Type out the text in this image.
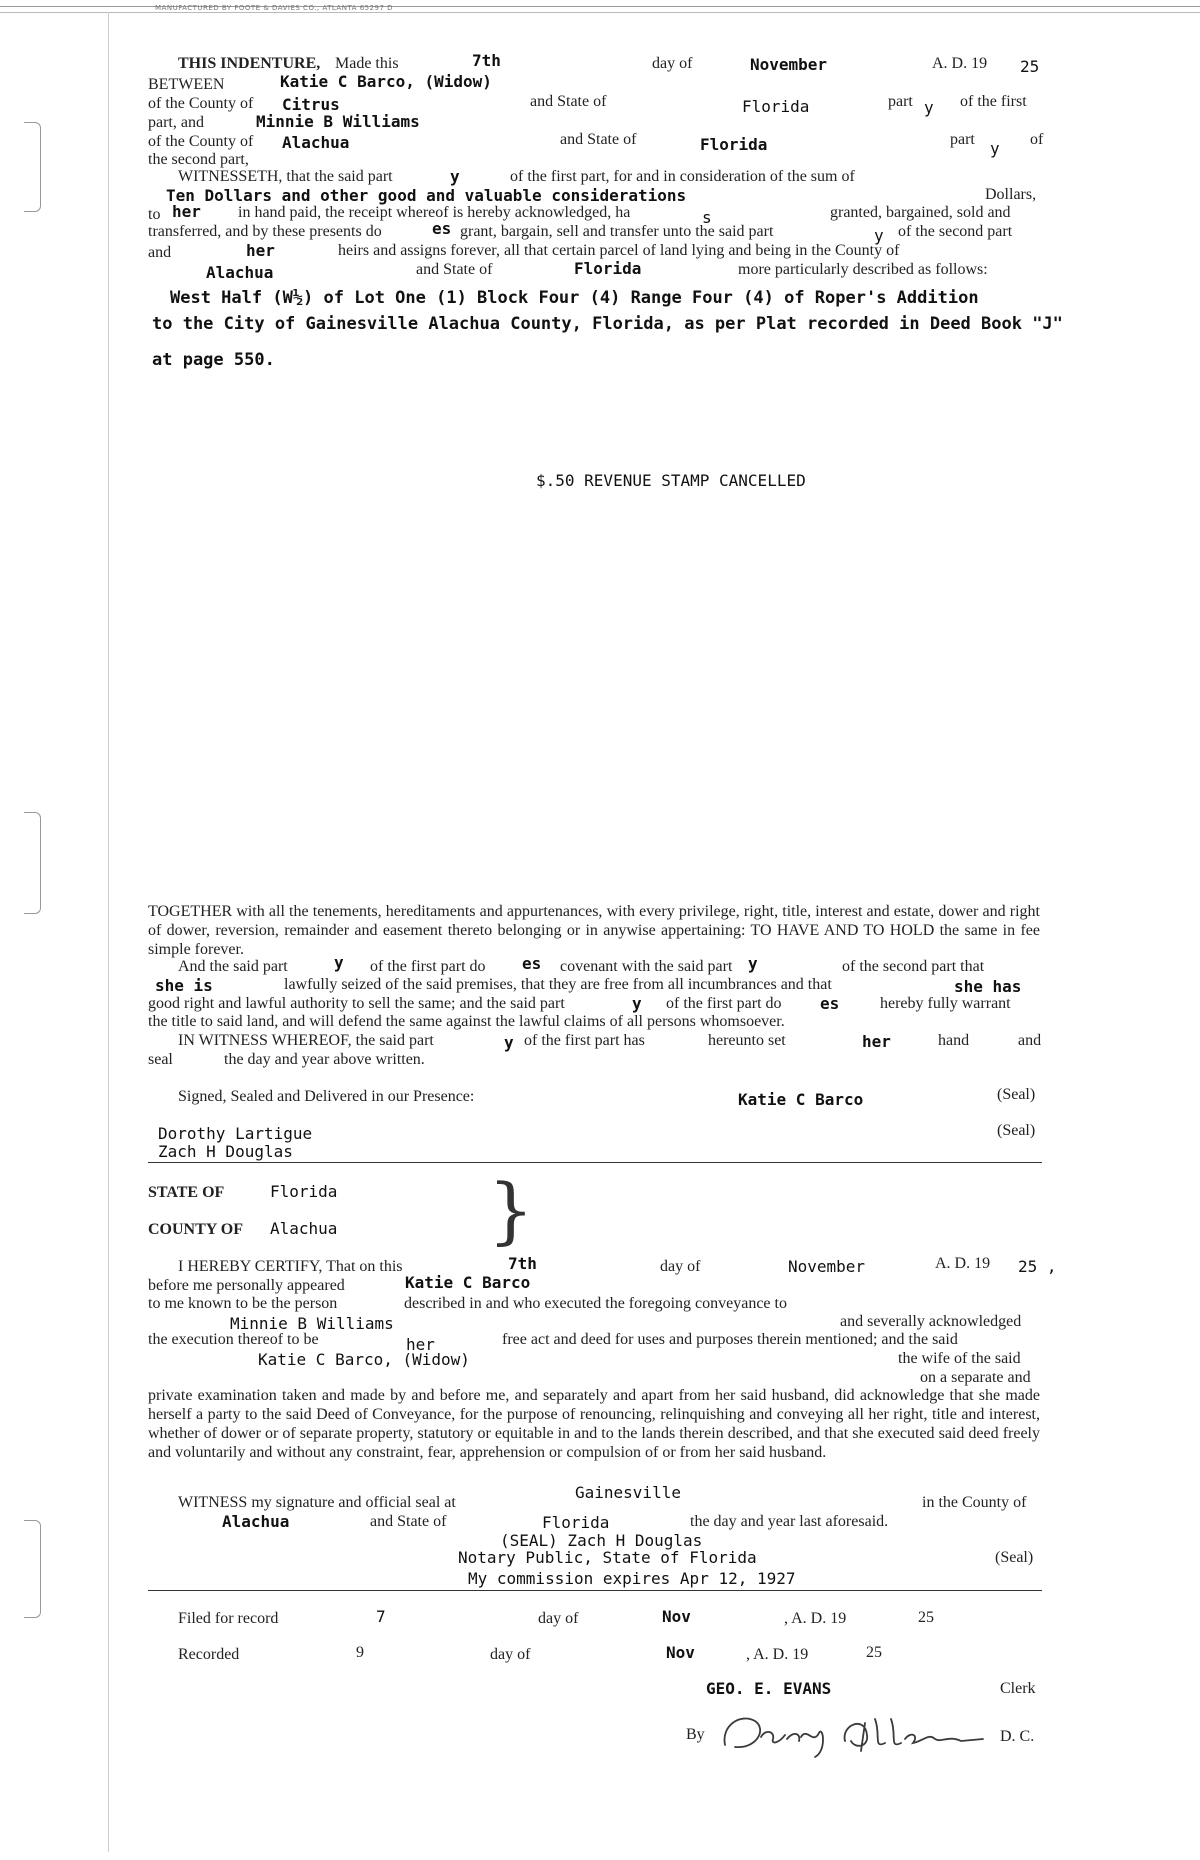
MANUFACTURED BY FOOTE & DAVIES CO., ATLANTA 65297 D
THIS INDENTURE, Made this	7th	day of	November	A. D. 19 25
BETWEEN	Katie C Barco, (Widow)
of the County of Citrus	and State of	Florida	part y of the first
part, and	Minnie B Williams
of the County of Alachua	and State of	Florida	part y of
the second part,
WITNESSETH, that the said part	y	of the first part, for and in consideration of the sum of
Ten Dollars and other good and valuable considerations	Dollars,
to her in hand paid, the receipt whereof is hereby acknowledged, ha	s	granted, bargained, sold and
transferred, and by these presents do	es grant, bargain, sell and transfer unto the said part	y of the second part
and	her	heirs and assigns forever, all that certain parcel of land lying and being in the County of
Alachua	and State of	Florida	more particularly described as follows:
West Half (W½) of Lot One (1) Block Four (4) Range Four (4) of Roper's Addition
to the City of Gainesville Alachua County, Florida, as per Plat recorded in Deed Book "J"
at page 550.
$.50 REVENUE STAMP CANCELLED
TOGETHER with all the tenements, hereditaments and appurtenances, with every privilege, right, title, interest and estate, dower and right of dower, reversion, remainder and easement thereto belonging or in anywise appertaining: TO HAVE AND TO HOLD the same in fee simple forever.
And the said part	y of the first part do es covenant with the said part y	of the second part that
she is	lawfully seized of the said premises, that they are free from all incumbrances and that	she has
good right and lawful authority to sell the same; and the said part	y of the first part do es	hereby fully warrant
the title to said land, and will defend the same against the lawful claims of all persons whomsoever.
IN WITNESS WHEREOF, the said part	y of the first part has	hereunto set	her	hand	and
seal	the day and year above written.
Signed, Sealed and Delivered in our Presence:	Katie C Barco	(Seal)
Dorothy Lartigue	(Seal)
Zach H Douglas
STATE OF	Florida
COUNTY OF Alachua }
I HEREBY CERTIFY, That on this	7th	day of	November	A. D. 19 25 ,
before me personally appeared	Katie C Barco
to me known to be the person	described in and who executed the foregoing conveyance to
Minnie B Williams	and severally acknowledged
the execution thereof to be	her	free act and deed for uses and purposes therein mentioned; and the said
Katie C Barco, (Widow)	the wife of the said
on a separate and
private examination taken and made by and before me, and separately and apart from her said husband, did acknowledge that she made herself a party to the said Deed of Conveyance, for the purpose of renouncing, relinquishing and conveying all her right, title and interest, whether of dower or of separate property, statutory or equitable in and to the lands therein described, and that she executed said deed freely and voluntarily and without any constraint, fear, apprehension or compulsion of or from her said husband.
Gainesville
WITNESS my signature and official seal at	in the County of
Alachua	and State of	Florida	the day and year last aforesaid.
(SEAL) Zach H Douglas
Notary Public, State of Florida	(Seal)
My commission expires Apr 12, 1927
Filed for record	7	day of	Nov	, A. D. 19	25
Recorded	9	day of	Nov	, A. D. 19	25
GEO. E. EVANS	Clerk
By	D. C.
